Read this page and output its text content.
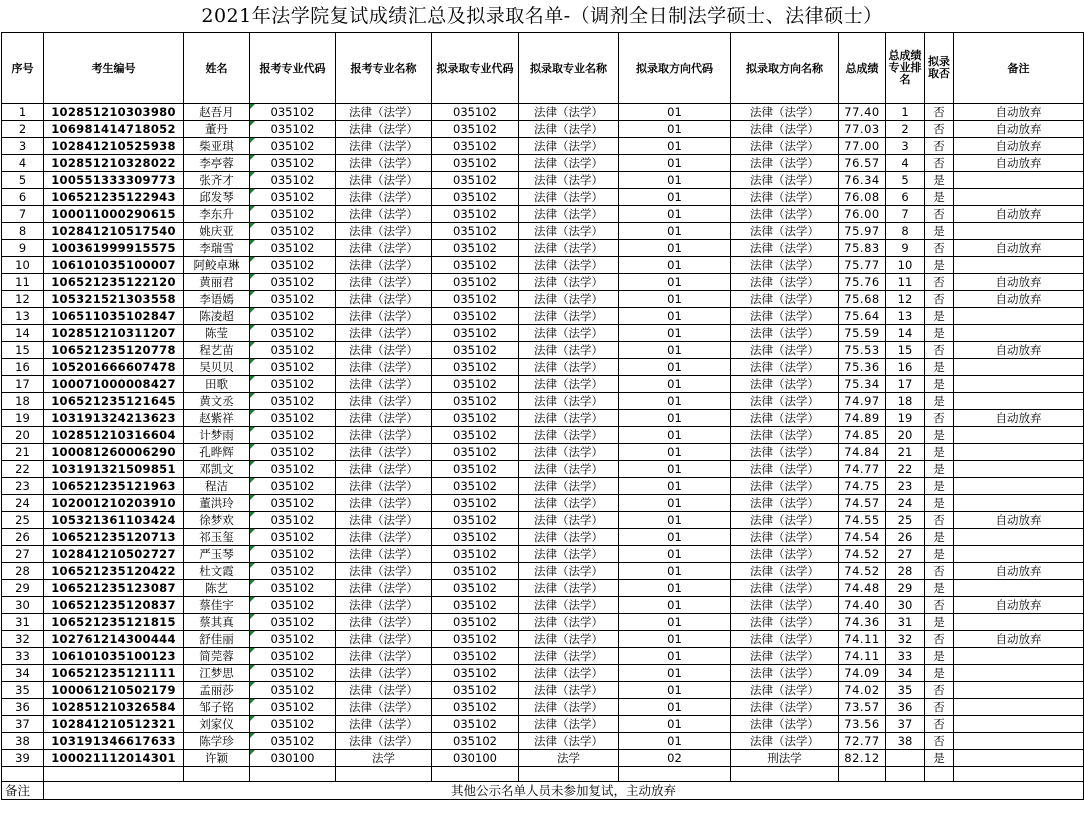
2021年法学院复试成绩汇总及拟录取名单-（调剂全日制法学硕士、法律硕士）
序号	考生编号	姓名	报考专业代码	报考专业名称	拟录取专业代码	拟录取专业名称	拟录取方向代码	拟录取方向名称	总成绩	总成绩专业排名	拟录取否	备注
1	102851210303980	赵吾月	035102	法律（法学）	035102	法律（法学）	01	法律（法学）	77.40	1	否	自动放弃
2	106981414718052	董丹	035102	法律（法学）	035102	法律（法学）	01	法律（法学）	77.03	2	否	自动放弃
3	102841210525938	柴亚琪	035102	法律（法学）	035102	法律（法学）	01	法律（法学）	77.00	3	否	自动放弃
4	102851210328022	李亭蓉	035102	法律（法学）	035102	法律（法学）	01	法律（法学）	76.57	4	否	自动放弃
5	100551333309773	张齐才	035102	法律（法学）	035102	法律（法学）	01	法律（法学）	76.34	5	是	
6	106521235122943	邱发琴	035102	法律（法学）	035102	法律（法学）	01	法律（法学）	76.08	6	是	
7	100011000290615	李东升	035102	法律（法学）	035102	法律（法学）	01	法律（法学）	76.00	7	否	自动放弃
8	102841210517540	姚庆亚	035102	法律（法学）	035102	法律（法学）	01	法律（法学）	75.97	8	是	
9	100361999915575	李瑞雪	035102	法律（法学）	035102	法律（法学）	01	法律（法学）	75.83	9	否	自动放弃
10	106101035100007	阿鲛卓琳	035102	法律（法学）	035102	法律（法学）	01	法律（法学）	75.77	10	是	
11	106521235122120	黄丽君	035102	法律（法学）	035102	法律（法学）	01	法律（法学）	75.76	11	否	自动放弃
12	105321521303558	李语嫣	035102	法律（法学）	035102	法律（法学）	01	法律（法学）	75.68	12	否	自动放弃
13	106511035102847	陈凌超	035102	法律（法学）	035102	法律（法学）	01	法律（法学）	75.64	13	是	
14	102851210311207	陈莹	035102	法律（法学）	035102	法律（法学）	01	法律（法学）	75.59	14	是	
15	106521235120778	程艺苗	035102	法律（法学）	035102	法律（法学）	01	法律（法学）	75.53	15	否	自动放弃
16	105201666607478	吴贝贝	035102	法律（法学）	035102	法律（法学）	01	法律（法学）	75.36	16	是	
17	100071000008427	田歌	035102	法律（法学）	035102	法律（法学）	01	法律（法学）	75.34	17	是	
18	106521235121645	黄文丞	035102	法律（法学）	035102	法律（法学）	01	法律（法学）	74.97	18	是	
19	103191324213623	赵紫祥	035102	法律（法学）	035102	法律（法学）	01	法律（法学）	74.89	19	否	自动放弃
20	102851210316604	计梦雨	035102	法律（法学）	035102	法律（法学）	01	法律（法学）	74.85	20	是	
21	100081260006290	孔晔辉	035102	法律（法学）	035102	法律（法学）	01	法律（法学）	74.84	21	是	
22	103191321509851	邓凯文	035102	法律（法学）	035102	法律（法学）	01	法律（法学）	74.77	22	是	
23	106521235121963	程洁	035102	法律（法学）	035102	法律（法学）	01	法律（法学）	74.75	23	是	
24	102001210203910	董洪玲	035102	法律（法学）	035102	法律（法学）	01	法律（法学）	74.57	24	是	
25	105321361103424	徐梦欢	035102	法律（法学）	035102	法律（法学）	01	法律（法学）	74.55	25	否	自动放弃
26	106521235120713	祁玉玺	035102	法律（法学）	035102	法律（法学）	01	法律（法学）	74.54	26	是	
27	102841210502727	严玉琴	035102	法律（法学）	035102	法律（法学）	01	法律（法学）	74.52	27	是	
28	106521235120422	杜文霞	035102	法律（法学）	035102	法律（法学）	01	法律（法学）	74.52	28	否	自动放弃
29	106521235123087	陈艺	035102	法律（法学）	035102	法律（法学）	01	法律（法学）	74.48	29	是	
30	106521235120837	蔡佳宇	035102	法律（法学）	035102	法律（法学）	01	法律（法学）	74.40	30	否	自动放弃
31	106521235121815	蔡其真	035102	法律（法学）	035102	法律（法学）	01	法律（法学）	74.36	31	是	
32	102761214300444	舒佳丽	035102	法律（法学）	035102	法律（法学）	01	法律（法学）	74.11	32	否	自动放弃
33	106101035100123	简莞蓉	035102	法律（法学）	035102	法律（法学）	01	法律（法学）	74.11	33	是	
34	106521235121111	江梦思	035102	法律（法学）	035102	法律（法学）	01	法律（法学）	74.09	34	是	
35	100061210502179	孟丽莎	035102	法律（法学）	035102	法律（法学）	01	法律（法学）	74.02	35	否	
36	102851210326584	邹子铭	035102	法律（法学）	035102	法律（法学）	01	法律（法学）	73.57	36	否	
37	102841210512321	刘家仪	035102	法律（法学）	035102	法律（法学）	01	法律（法学）	73.56	37	否	
38	103191346617633	陈学珍	035102	法律（法学）	035102	法律（法学）	01	法律（法学）	72.77	38	否	
39	100021112014301	许颖	030100	法学	030100	法学	02	刑法学	82.12		是	

备注	其他公示名单人员未参加复试，主动放弃											
